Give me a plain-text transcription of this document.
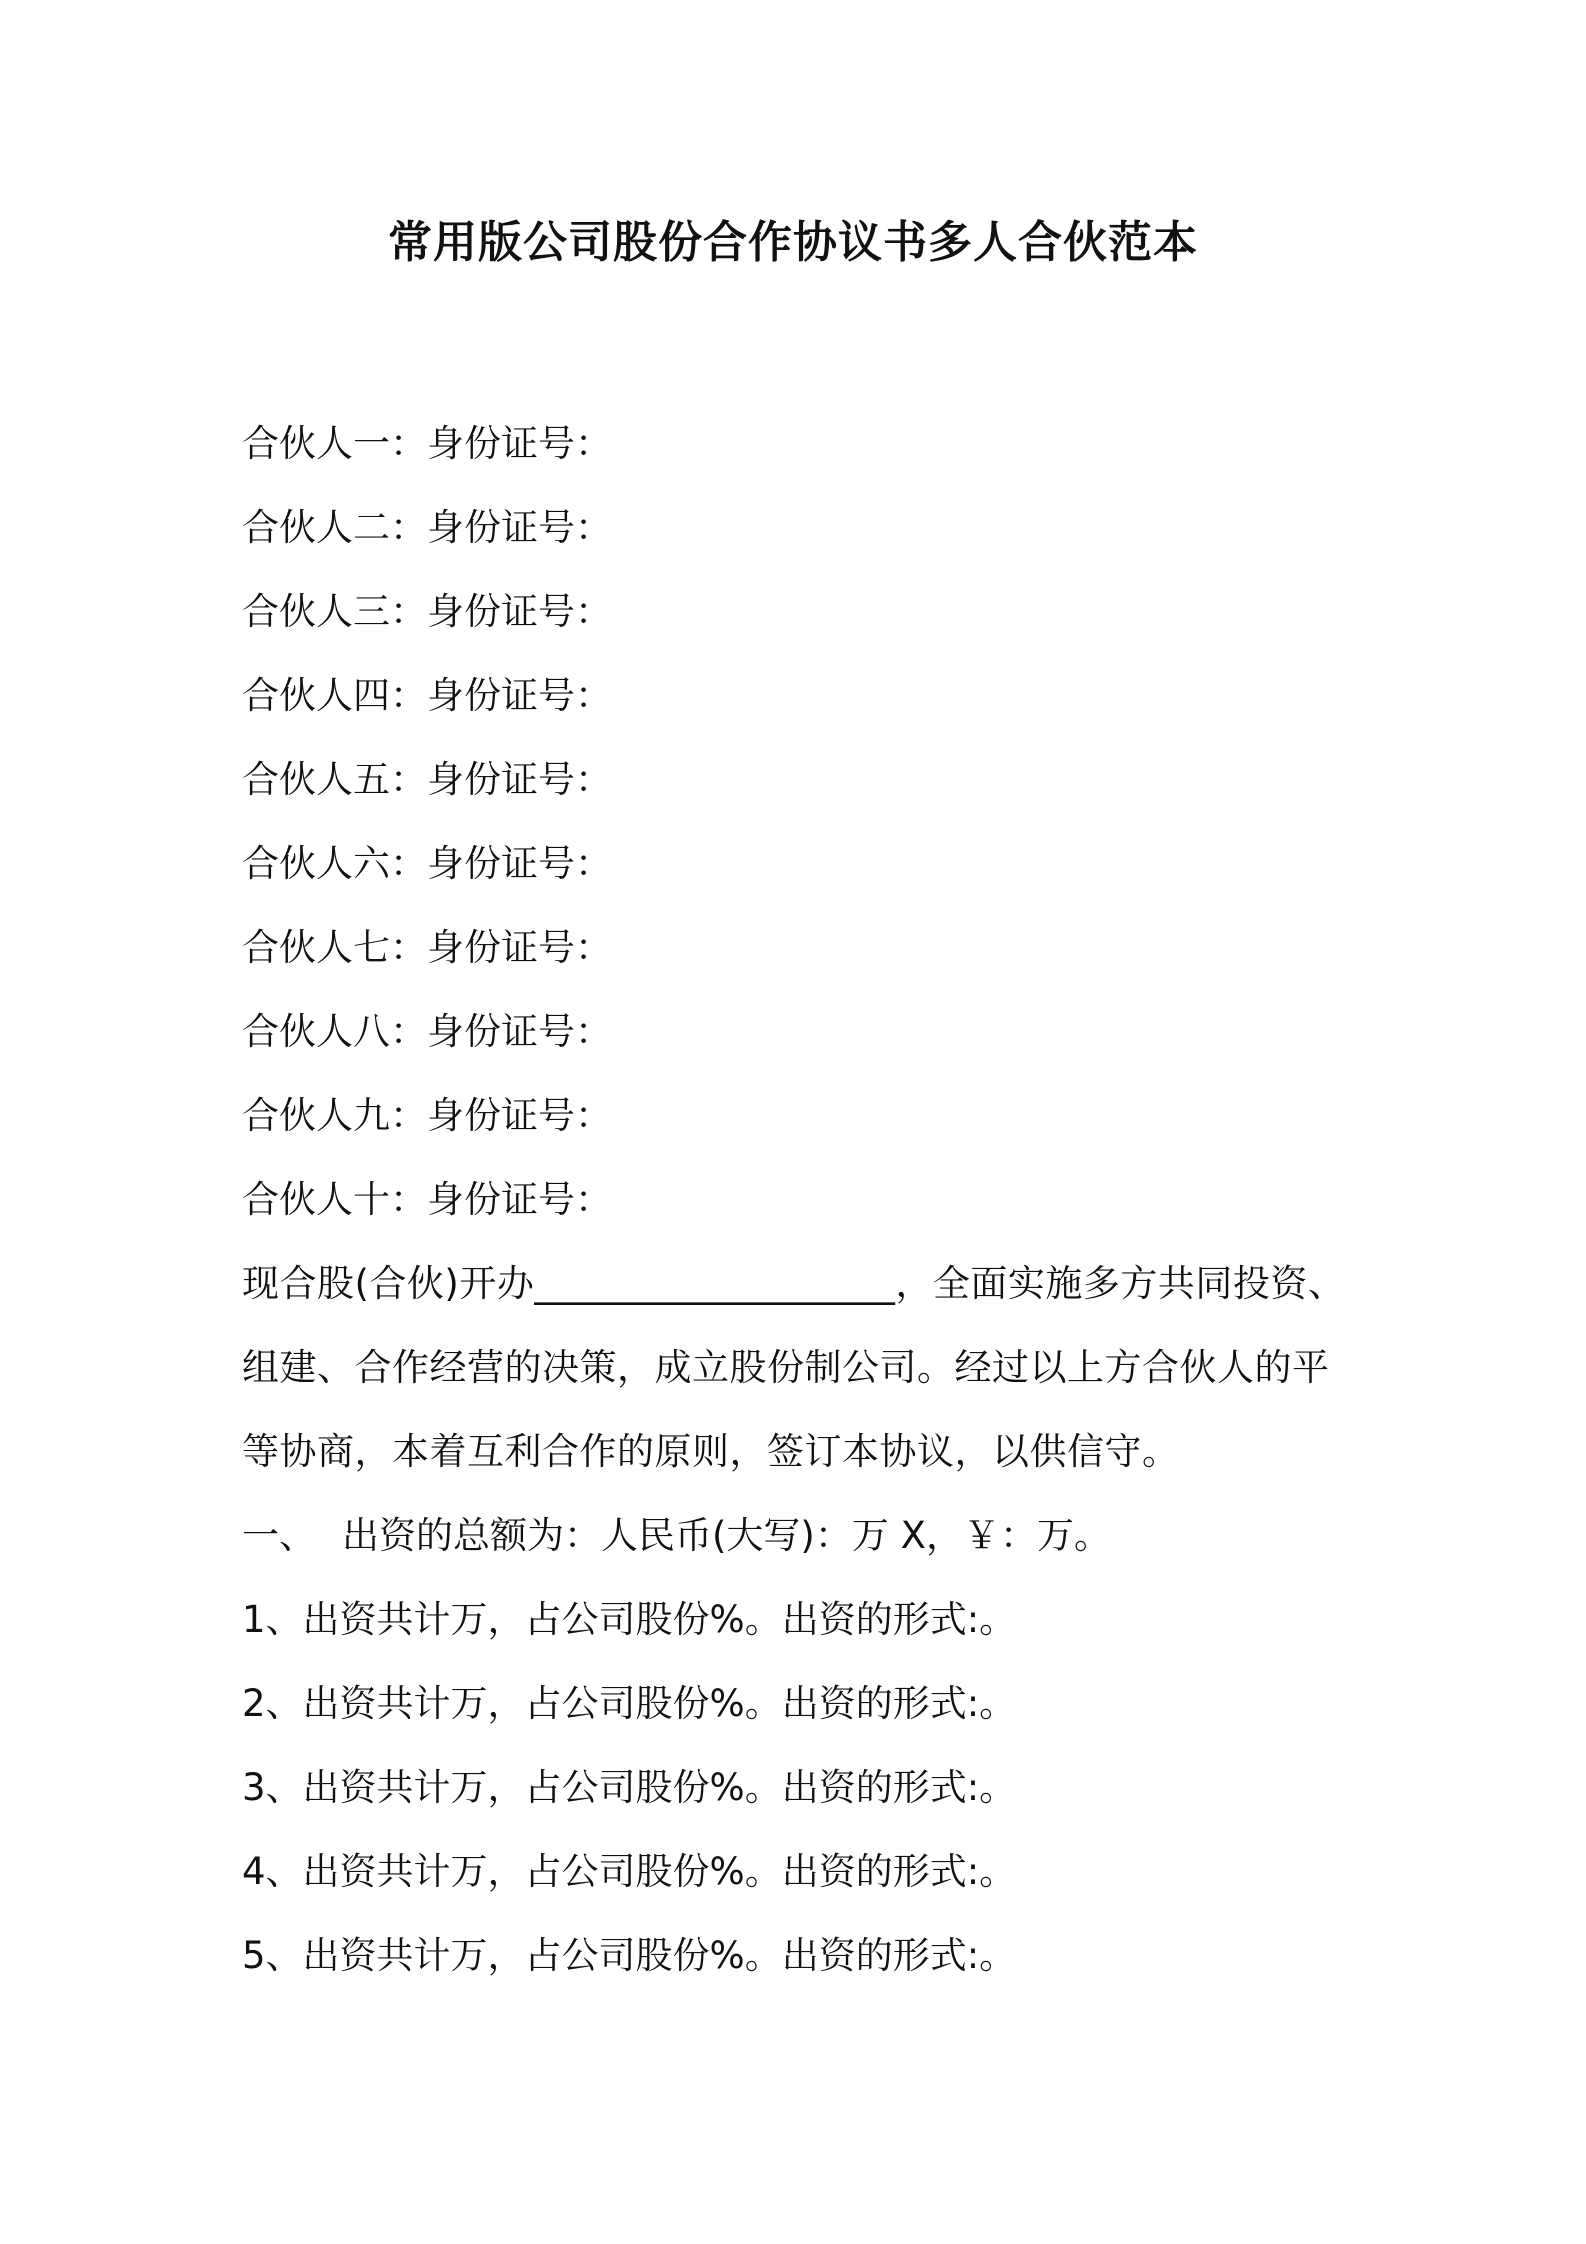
常用版公司股份合作协议书多人合伙范本
合伙人一：身份证号：
合伙人二：身份证号：
合伙人三：身份证号：
合伙人四：身份证号：
合伙人五：身份证号：
合伙人六：身份证号：
合伙人七：身份证号：
合伙人八：身份证号：
合伙人九：身份证号：
合伙人十：身份证号：

现合股(合伙)开办___________________，全面实施多方共同投资、组建、合作经营的决策，成立股份制公司。经过以上方合伙人的平等协商，本着互利合作的原则，签订本协议，以供信守。

一、 出资的总额为：人民币(大写)：万 X，￥：万。

1、出资共计万，占公司股份%。出资的形式:。
2、出资共计万，占公司股份%。出资的形式:。
3、出资共计万，占公司股份%。出资的形式:。
4、出资共计万，占公司股份%。出资的形式:。
5、出资共计万，占公司股份%。出资的形式:。
